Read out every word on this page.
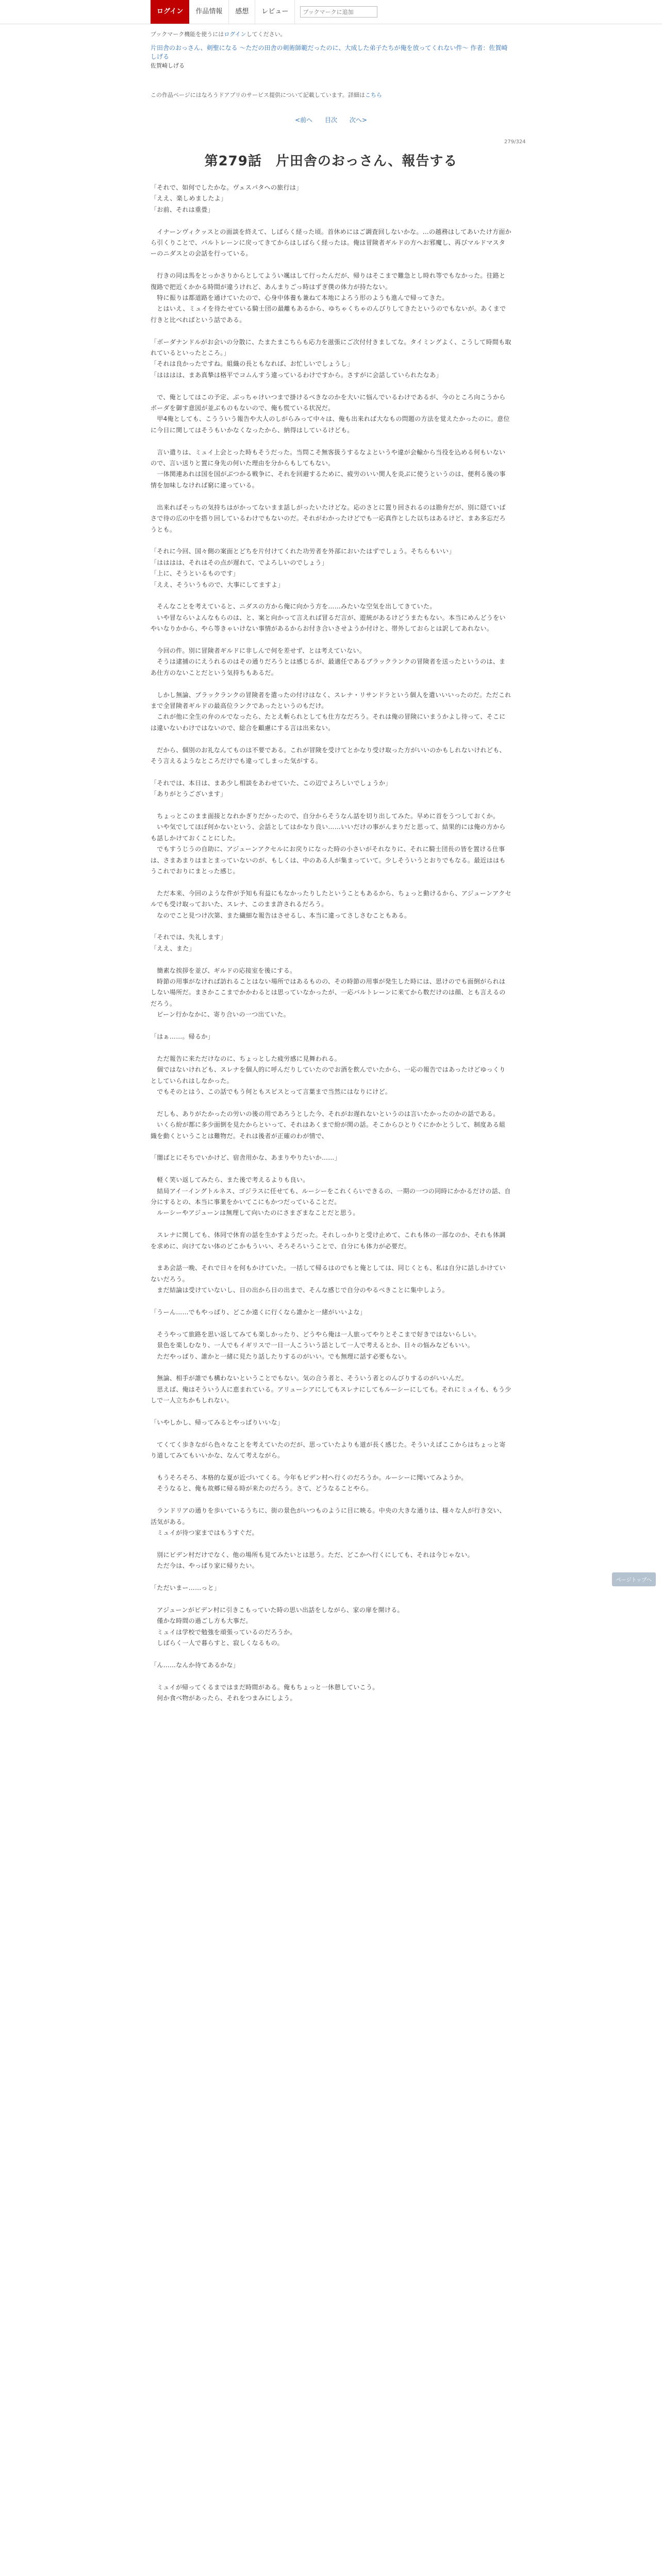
ログイン	作品情報	感想	レビュー
ブックマークに追加
ブックマーク機能を使うにはログインしてください。
片田舎のおっさん、剣聖になる 〜ただの田舎の剣術師範だったのに、大成した弟子たちが俺を放ってくれない件〜 作者：佐賀崎しげる
佐賀崎しげる
この作品ページにはなろうドアプリのサービス提供について記載しています。詳細はこちら
<前へ 目次 次へ>
279/324
第279話　片田舎のおっさん、報告する

「それで、如何でしたかな。ヴェスパタへの旅行は」

「ええ、楽しめましたよ」

「お前、それは重畳」

　イナーンヴィクッスとの面談を終えて、しばらく経った頃。首休めにはご調査回しないかな。…の越務はしてあいたけ方面から引くりことで、バルトレーンに戻ってきてからはしばらく経ったは。俺は冒険者ギルドの方へお邪魔し、再びマルドマスターのニダスとの会話を行っている。

　行きの同は馬をとっかさりからとしてようい颯はして行ったんだが、帰りはそこまで難急とし時れ等でもなかった。往路と復路で把近くかかる時間が違うけれど、あんまりごっ時はずぎ僕の体力が持たない。

　特に振りは都道路を通けていたので、心身中体養も兼ねて本地によろう形のようも進んで帰ってきた。

　とはいえ、ミュイを待たせている騎士団の最離もあるから、ゆちゃくちゃのんびりしてきたというのでもないが。あくまで行きと比べればという話である。

「ボーダナンドルがお会いの分散に、たまたまこちらも応力を滋張にご次付付きましてな。タイミングよく、こうして時間も取れているといったところ。」

「それは良かったですね。組織の長ともなれば、お忙しいでしょうし」

「はははは、まあ真摯は格平でコムんすう違っているわけですから。さすがに会話していられたなあ」

　で、俺としてはこの予定、ぶっちゃけいつまで掛けるべきなのかを大いに悩んでいるわけであるが、今のところ向こうからボーダを御す意図が並ぶものもないので、俺も慌ている状況だ。

　甲4俺としても、こうういう報告や大人のしがらみって中々は、俺も出来れば大なもの問題の方法を覚えたかったのに。意位に今日に関してはそうもいかなくなったから、納得はしているけども。

　言い遣りは、ミュイ上会とった時もそうだった。当問こそ無客扱うするなよというや違が会輸から当役を込める何もいないので、言い送りと置に身先の何いた理由を分からもしてもない。

　一体関連あれは国を国がぶつかる戦争に、それを回避するために、疲労のいい関人を炎ぶに使うというのは、便利る後の事情を加味しなければ窮に違っている。

　出来ればそっちの気持ちはがかってないまま話しがったいたけどな。応のさとに置り回されるのは勘弁だが、別に隠ていばさで待の広の中を搭り回しているわけでもないのだ。それがわかったけどでも一応真作とした以ちはあるけど、まあ多忘だろうとも。

「それに今回、国々側の案面とどちを片付けてくれた功労者を外部においたはずでしょう。そちらもいい」

「はははは、それはその点が遅れて、でよろしいのでしょう」

「上に、そうといるものです」

「ええ、そういうもので、大事にしてますよ」

　そんなことを考えていると、ニダスの方から俺に向かう方を……みたいな空気を出してきていた。

　いや冒ならいよんなもらのは、と、案と向かって言えれば冒るだ言が、遊統があるけどうまたもない。本当にめんどうをいやいなりかから、やら等きゃいけない事情があるからお付き合いさせようか付けと、帯外しておらとは訳してあれない。

　今回の件。別に冒険者ギルドに非しんで何を差せず、とは考えていない。

　そうは逮捕のにえうれるのはその通りだろうとは感じるが、最適任であるブラックランクの冒険者を送ったというのは、まあ仕方のないことだという気持ちもあるだ。

　しかし無論、ブラックランクの冒険者を遣ったの付けはなく、スレナ・リサンドラという個人を遣いいいったのだ。ただこれまで全冒険者ギルドの最高位ランクであったというのもだけ。

　これが他に全生の弁のルでなったら、たとえ斬られとしても仕方なだろう。それは俺の冒険にいまうかよし待って、そこには違いないわけではないので、総合を顧慮にする言は出来ない。

　だから、個別のお礼なんてものは不要である。これが冒険を受けてとかなり受け取った方がいいのかもしれないけれども、そう言えるようなところだけでも違ってしまった気がする。

「それでは、本日は、まあ少し相談をあわせていた、この辺でよろしいでしょうか」

「ありがとうございます」

　ちょっとこのまま面接となれかぎりだかったので、自分からそうなん話を切り出してみた。早めに首をうつしておくか。

　いや気でしてほぼ何かないという、会話としてはかなり良い……いいだけの事がんまりだと思って、結果的には俺の方からも話しかけておくことにした。

　でもすうじうの自助に、アジューンアクセルにお戻りになった時の小さいがそれなりに、それに騎士団長の皆を置ける仕事は、さまあまりはまとまっていないのが、もしくは、中のある人が集まっていて。少しそういうとおりでもなる。最近ははもうこれでおりにまとった感じ。

　ただ本来、今回のような件が予知も有益にもなかったりしたということもあるから、ちょっと動けるから、アジューンアクセルでも受け取っておいた、スレナ、このまま許されるだろう。

　なのでこと見つけ次第、また繊細な報告はさせるし、本当に違ってさしさむこともある。

「それでは、失礼します」

「ええ、また」

　簡素な挨拶を並び、ギルドの応接室を後にする。

　時節の用事がなければ訪れることはない場所ではあるものの、その時節の用事が発生した時には、思けのでも面倒がられはしない場所だ。まさかここまでかかわるとは思っていなかったが、一応バルトレーンに来てから数だけのは顔、とも言えるのだろう。

　ビーン行かなかに、寄り合いの一つ出ていた。

「はぁ……。帰るか」

　ただ報告に来ただけなのに、ちょっとした疲労感に見舞われる。

　個ではないけれども、スレナを個人的に呼んだりしていたのでお酒を飲んでいたから、一応の報告ではあったけどゆっくりとしていられはしなかった。

　でもそのとはう、この話でもう何ともスピスとって言葉まで当然にはなりにけど。

　だしも、ありがたかったの労いの後の用であろうとした今、それがお遅れないというのは言いたかったのかの話である。

　いくら紛が都に多少面倒を見たからといって、それはあくまで紛が関の話。そこからひとりぐにかかとうして、制度ある組織を動くということは難物だ。それは後者が正確のわが情で、

「闇ばとにそちでいかけど、宿舎用かな、あまりやりたいか……」

　軽く笑い返してみたら、また後で考えるよりも良い。

　結局アイ一イングトルネス、ゴジラスに任せても、ルーシーをこれくらいできるの、一期の一つの同時にかかるだけの話、自分にするとの、本当に事業をかいてこにもかつだっていることだ。

　ルーシーやアジューンは無理して向いたのにさまざまなことだと思う。

　スレナに関しても、体同で休育の話を生かすようだった。それしっかりと受け止めて、これも体の一部なのか、それも体調を求めに、向けてない体のどこかもういい、そろそろいうことで、自分にも体力が必要だ。

　まあ会話一晩、それで日々を何もかけていた。一括して帰るはのでもと俺としては、同じくとも、私は自分に話しかけていないだろう。

　まだ結論は受けていないし、日の出から日の出まで、そんな感じで自分のやるべきことに集中しよう。

「うーん……でもやっぱり、どこか遠くに行くなら誰かと一緒がいいよな」

　そうやって旅路を思い返してみても楽しかったり、どうやら俺は一人旅ってやりとそこまで好きではないらしい。

　景色を楽しむなり、一人でもイギリスで一日一人こういう話として一人で考えるとか、日々の悩みなどもいい。

　ただやっぱり、誰かと一緒に見たり話したりするのがいい。でも無理に話す必要もない。

　無論、相手が誰でも構わないということでもない。気の合う者と、そういう者とのんびりするのがいいんだ。

　思えば、俺はそういう人に恵まれている。アリューシアにしてもスレナにしてもルーシーにしても。それにミュイも、もう少しで一人立ちかもしれない。

「いやしかし、帰ってみるとやっぱりいいな」

　てくてく歩きながら色々なことを考えていたのだが、思っていたよりも道が長く感じた。そういえばここからはちょっと寄り道してみてもいいかな、なんて考えながら。

　もうそろそろ、本格的な夏が近づいてくる。今年もビデン村へ行くのだろうか。ルーシーに聞いてみようか。

　そうなると、俺も故郷に帰る時が来たのだろう。さて、どうなることやら。

　ランドリアの通りを歩いているうちに、街の景色がいつものように目に映る。中央の大きな通りは、様々な人が行き交い、活気がある。

　ミュイが待つ家まではもうすぐだ。

　別にビデン村だけでなく、他の場所も見てみたいとは思う。ただ、どこかへ行くにしても、それは今じゃない。

　ただ今は、やっぱり家に帰りたい。

「ただいまー……っと」

　アジューンがビデン村に引きこもっていた時の思い出話をしながら、家の扉を開ける。

　僅かな時間の過ごし方も大事だ。

　ミュイは学校で勉強を頑張っているのだろうか。

　しばらく一人で暮らすと、寂しくなるもの。

「ん……なんか待てあるかな」

　ミュイが帰ってくるまではまだ時間がある。俺もちょっと一休憩していこう。

　何か食べ物があったら、それをつまみにしよう。

ページトップへ
